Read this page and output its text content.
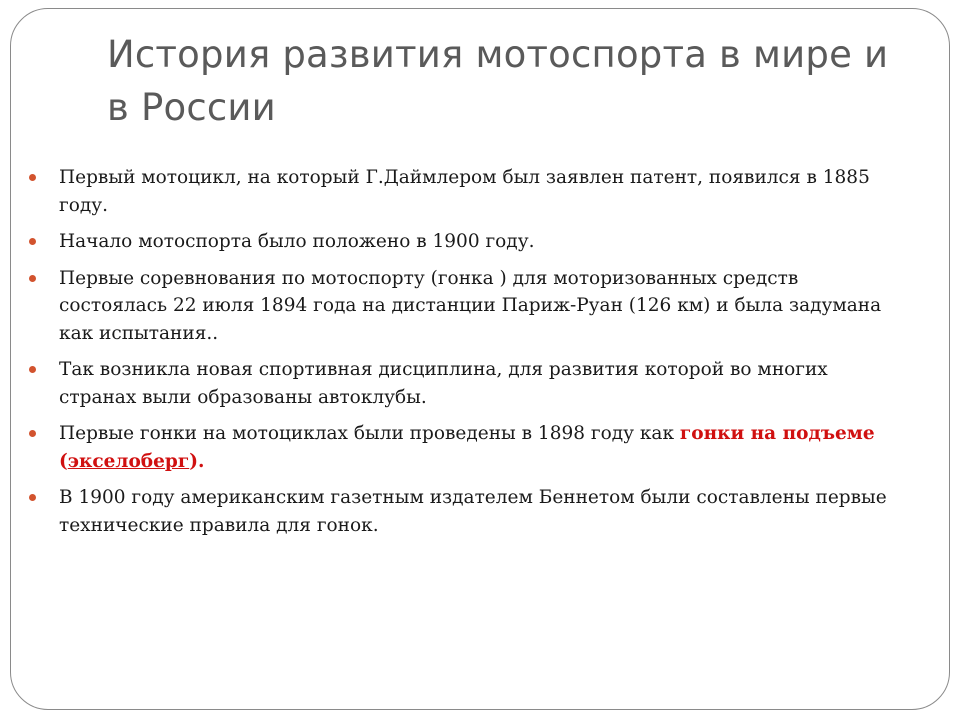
История развития мотоспорта в мире и в России
Первый мотоцикл, на который Г.Даймлером был заявлен патент, появился в 1885 году.
Начало мотоспорта было положено в 1900 году.
Первые соревнования по мотоспорту (гонка ) для моторизованных средств состоялась 22 июля 1894 года на дистанции Париж-Руан (126 км) и была задумана как испытания..
Так возникла новая спортивная дисциплина, для развития которой во многих странах выли образованы автоклубы.
Первые гонки на мотоциклах были проведены в 1898 году как гонки на подъеме (экселоберг).
В 1900 году американским газетным издателем Беннетом были составлены первые технические правила для гонок.
